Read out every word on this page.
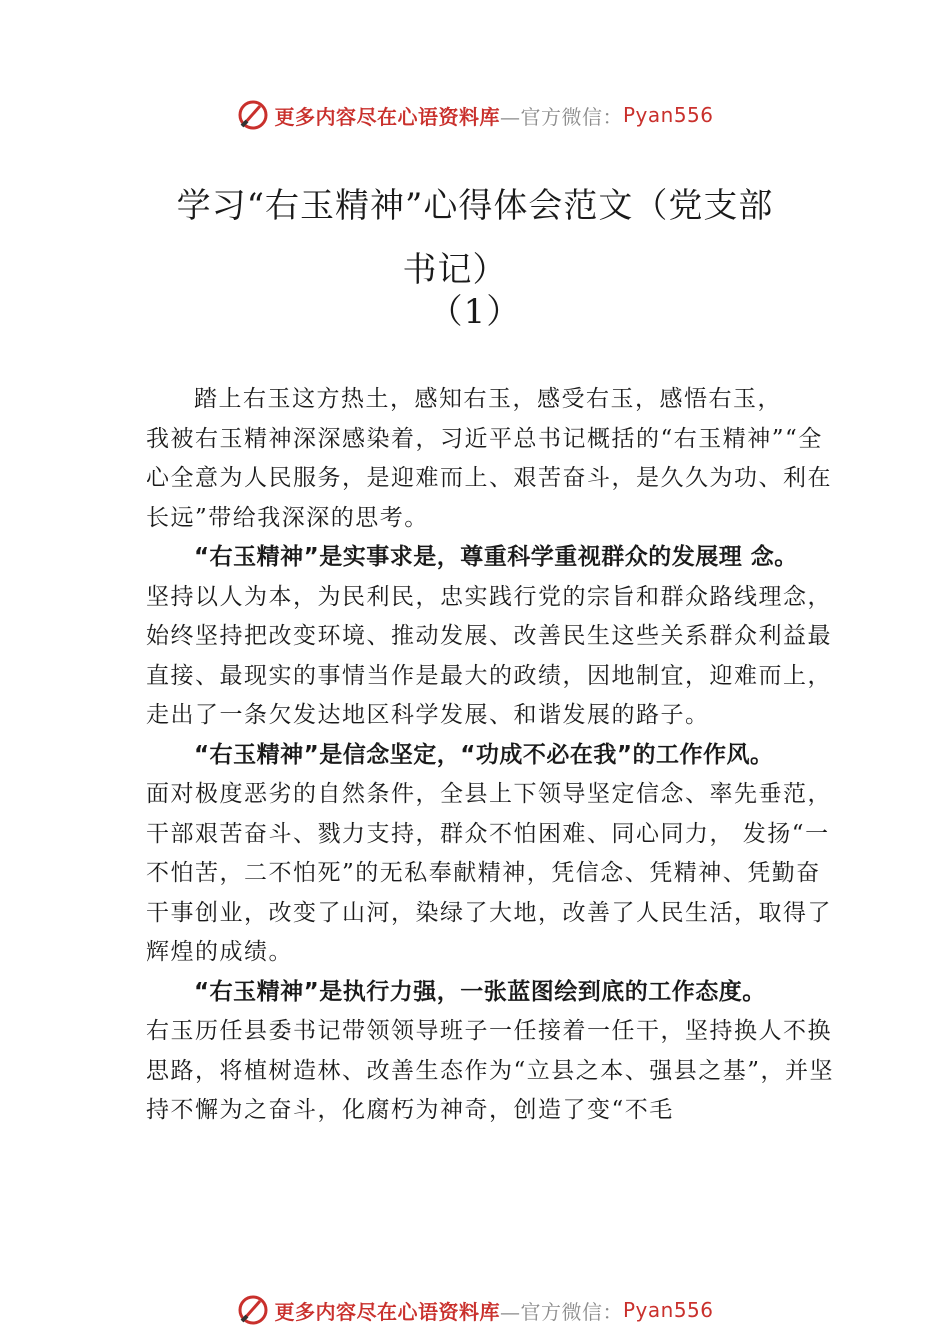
更多内容尽在心语资料库 —官方微信： Pyan556
学习“右玉精神”心得体会范文（党支部
书记）
（1）

踏上右玉这方热土，感知右玉，感受右玉，感悟右玉，

我被右玉精神深深感染着，习近平总书记概括的“右玉精神”“全心全意为人民服务，是迎难而上、艰苦奋斗，是久久为功、利在长远”带给我深深的思考。

“右玉精神”是实事求是，尊重科学重视群众的发展理 念。

坚持以人为本，为民利民，忠实践行党的宗旨和群众路线理念，始终坚持把改变环境、推动发展、改善民生这些关系群众利益最直接、最现实的事情当作是最大的政绩，因地制宜，迎难而上，走出了一条欠发达地区科学发展、和谐发展的路子。

“右玉精神”是信念坚定，“功成不必在我”的工作作风。

面对极度恶劣的自然条件，全县上下领导坚定信念、率先垂范，干部艰苦奋斗、戮力支持，群众不怕困难、同心同力， 发扬“一不怕苦，二不怕死”的无私奉献精神，凭信念、凭精神、凭勤奋干事创业，改变了山河，染绿了大地，改善了人民生活，取得了辉煌的成绩。

“右玉精神”是执行力强，一张蓝图绘到底的工作态度。

右玉历任县委书记带领领导班子一任接着一任干，坚持换人不换思路，将植树造林、改善生态作为“立县之本、强县之基”，并坚持不懈为之奋斗，化腐朽为神奇，创造了变“不毛

更多内容尽在心语资料库 —官方微信： Pyan556
